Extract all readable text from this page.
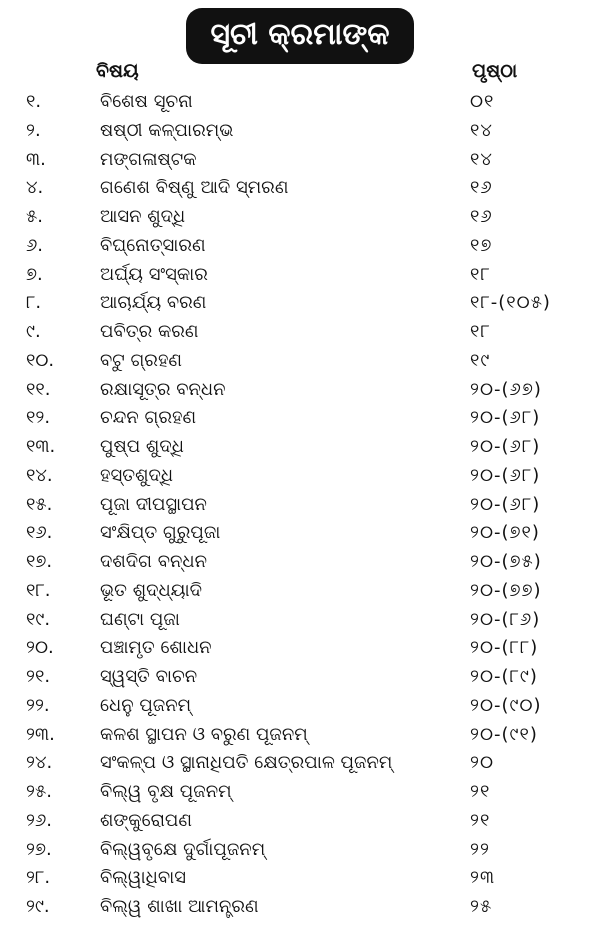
ସୂଚୀ କ୍ରମାଙ୍କ
ବିଷୟ	ପୃଷ୍ଠା
୧.	ବିଶେଷ ସୂଚନା	୦୧
୨.	ଷଷ୍ଠୀ କଳ୍ପାରମ୍ଭ	୧୪
୩.	ମଙ୍ଗଳାଷ୍ଟକ	୧୪
୪.	ଗଣେଶ ବିଷ୍ଣୁ ଆଦି ସ୍ମରଣ	୧୬
୫.	ଆସନ ଶୁଦ୍ଧି	୧୬
୬.	ବିଘ୍ନୋତ୍ସାରଣ	୧୭
୭.	ଅର୍ଘ୍ୟ ସଂସ୍କାର	୧୮
୮.	ଆଚାର୍ଯ୍ୟ ବରଣ	୧୮-(୧୦୫)
୯.	ପବିତ୍ର କରଣ	୧୮
୧୦.	ବଟୁ ଗ୍ରହଣ	୧୯
୧୧.	ରକ୍ଷାସୂତ୍ର ବନ୍ଧନ	୨୦-(୬୭)
୧୨.	ଚନ୍ଦନ ଗ୍ରହଣ	୨୦-(୬୮)
୧୩. ପୁଷ୍ପ ଶୁଦ୍ଧି	୨୦-(୬୮)
୧୪.	ହସ୍ତଶୁଦ୍ଧି	୨୦-(୬୮)
୧୫.	ପୂଜା ଦୀପସ୍ଥାପନ	୨୦-(୬୮)
୧୬.	ସଂକ୍ଷିପ୍ତ ଗୁରୁପୂଜା	୨୦-(୭୧)
୧୭.	ଦଶଦିଗ ବନ୍ଧନ	୨୦-(୭୫)
୧୮.	ଭୂତ ଶୁଦ୍ଧ୍ୟାଦି	୨୦-(୭୭)
୧୯.	ଘଣ୍ଟା ପୂଜା	୨୦-(୮୬)
୨୦.	ପଞ୍ଚାମୃତ ଶୋଧନ	୨୦-(୮୮)
୨୧.	ସ୍ୱସ୍ତି ବାଚନ	୨୦-(୮୯)
୨୨.	ଧେନୁ ପୂଜନମ୍	୨୦-(୯୦)
୨୩.	କଳଶ ସ୍ଥାପନ ଓ ବରୁଣ ପୂଜନମ୍	୨୦-(୯୧)
୨୪.	ସଂକଳ୍ପ ଓ ସ୍ଥାନାଧିପତି କ୍ଷେତ୍ରପାଳ ପୂଜନମ୍	୨୦
୨୫.	ବିଲ୍ୱ ବୃକ୍ଷ ପୂଜନମ୍	୨୧
୨୬.	ଶଙ୍କୁରୋପଣ	୨୧
୨୭.	ବିଲ୍ୱବୃକ୍ଷେ ଦୁର୍ଗାପୂଜନମ୍	୨୨
୨୮.	ବିଲ୍ୱାଧିବାସ	୨୩
୨୯.	ବିଲ୍ୱ ଶାଖା ଆମନ୍ତ୍ରଣ	୨୫
